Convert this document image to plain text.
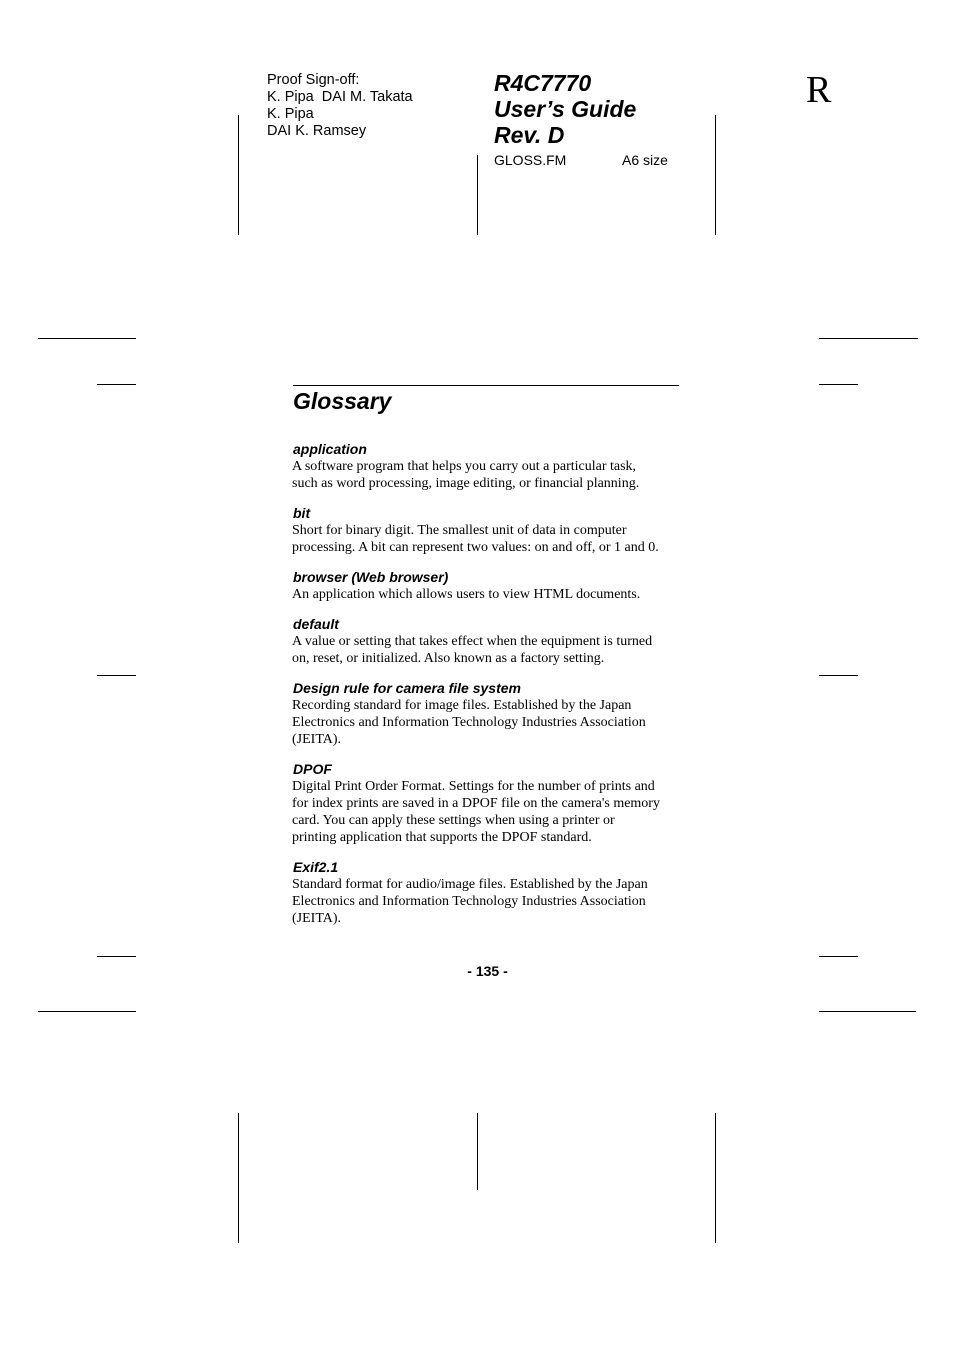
Proof Sign-off:
K. Pipa  DAI M. Takata
K. Pipa
DAI K. Ramsey
R4C7770
User’s Guide
Rev. D
GLOSS.FM	A6 size
R
Glossary
application
A software program that helps you carry out a particular task,
such as word processing, image editing, or financial planning.
bit
Short for binary digit. The smallest unit of data in computer
processing. A bit can represent two values: on and off, or 1 and 0.
browser (Web browser)
An application which allows users to view HTML documents.
default
A value or setting that takes effect when the equipment is turned
on, reset, or initialized. Also known as a factory setting.
Design rule for camera file system
Recording standard for image files. Established by the Japan
Electronics and Information Technology Industries Association
(JEITA).
DPOF
Digital Print Order Format. Settings for the number of prints and
for index prints are saved in a DPOF file on the camera's memory
card. You can apply these settings when using a printer or
printing application that supports the DPOF standard.
Exif2.1
Standard format for audio/image files. Established by the Japan
Electronics and Information Technology Industries Association
(JEITA).
- 135 -
